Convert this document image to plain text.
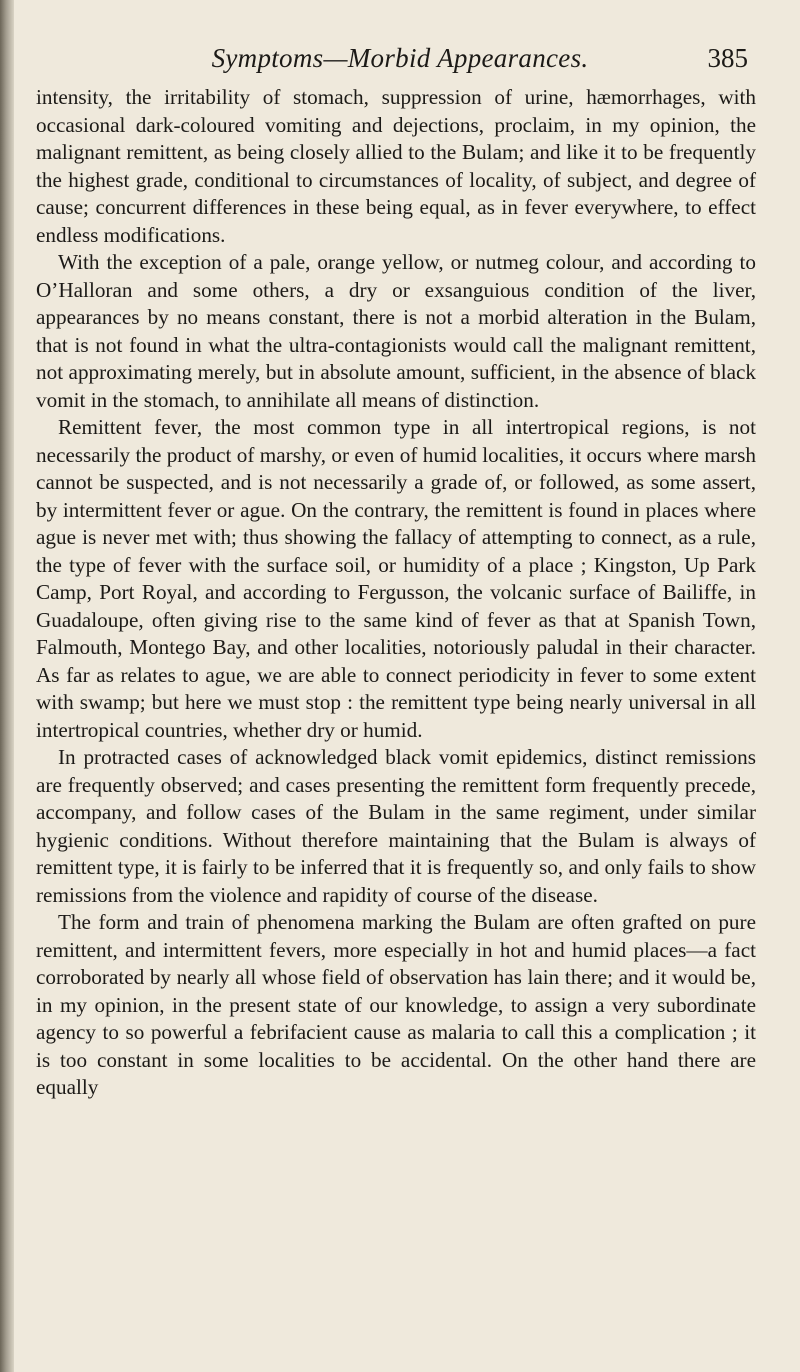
Symptoms—Morbid Appearances.	385

intensity, the irritability of stomach, suppression of urine, hæmorrhages, with occasional dark-coloured vomiting and dejections, proclaim, in my opinion, the malignant remittent, as being closely allied to the Bulam; and like it to be frequently the highest grade, conditional to circumstances of locality, of subject, and degree of cause; concurrent differences in these being equal, as in fever everywhere, to effect endless modifications.

With the exception of a pale, orange yellow, or nutmeg colour, and according to O’Halloran and some others, a dry or exsanguious condition of the liver, appearances by no means constant, there is not a morbid alteration in the Bulam, that is not found in what the ultra-contagionists would call the malignant remittent, not approximating merely, but in absolute amount, sufficient, in the absence of black vomit in the stomach, to annihilate all means of distinction.

Remittent fever, the most common type in all intertropical regions, is not necessarily the product of marshy, or even of humid localities, it occurs where marsh cannot be suspected, and is not necessarily a grade of, or followed, as some assert, by intermittent fever or ague. On the contrary, the remittent is found in places where ague is never met with; thus showing the fallacy of attempting to connect, as a rule, the type of fever with the surface soil, or humidity of a place ; Kingston, Up Park Camp, Port Royal, and according to Fergusson, the volcanic surface of Bailiffe, in Guadaloupe, often giving rise to the same kind of fever as that at Spanish Town, Falmouth, Montego Bay, and other localities, notoriously paludal in their character. As far as relates to ague, we are able to connect periodicity in fever to some extent with swamp; but here we must stop : the remittent type being nearly universal in all intertropical countries, whether dry or humid.

In protracted cases of acknowledged black vomit epidemics, distinct remissions are frequently observed; and cases presenting the remittent form frequently precede, accompany, and follow cases of the Bulam in the same regiment, under similar hygienic conditions. Without therefore maintaining that the Bulam is always of remittent type, it is fairly to be inferred that it is frequently so, and only fails to show remissions from the violence and rapidity of course of the disease.

The form and train of phenomena marking the Bulam are often grafted on pure remittent, and intermittent fevers, more especially in hot and humid places—a fact corroborated by nearly all whose field of observation has lain there; and it would be, in my opinion, in the present state of our knowledge, to assign a very subordinate agency to so powerful a febrifacient cause as malaria to call this a complication ; it is too constant in some localities to be accidental. On the other hand there are equally
